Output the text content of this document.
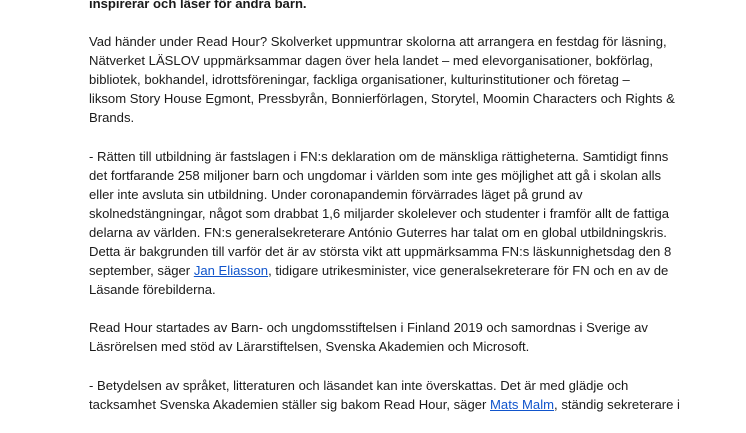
inspirerar och läser för andra barn.

Vad händer under Read Hour? Skolverket uppmuntrar skolorna att arrangera en festdag för läsning,
Nätverket LÄSLOV uppmärksammar dagen över hela landet – med elevorganisationer, bokförlag,
bibliotek, bokhandel, idrottsföreningar, fackliga organisationer, kulturinstitutioner och företag –
liksom Story House Egmont, Pressbyrån, Bonnierförlagen, Storytel, Moomin Characters och Rights &
Brands.

- Rätten till utbildning är fastslagen i FN:s deklaration om de mänskliga rättigheterna. Samtidigt finns
det fortfarande 258 miljoner barn och ungdomar i världen som inte ges möjlighet att gå i skolan alls
eller inte avsluta sin utbildning. Under coronapandemin förvärrades läget på grund av
skolnedstängningar, något som drabbat 1,6 miljarder skolelever och studenter i framför allt de fattiga
delarna av världen. FN:s generalsekreterare António Guterres har talat om en global utbildningskris.
Detta är bakgrunden till varför det är av största vikt att uppmärksamma FN:s läskunnighetsdag den 8
september, säger Jan Eliasson, tidigare utrikesminister, vice generalsekreterare för FN och en av de
Läsande förebilderna.

Read Hour startades av Barn- och ungdomsstiftelsen i Finland 2019 och samordnas i Sverige av
Läsrörelsen med stöd av Lärarstiftelsen, Svenska Akademien och Microsoft.

- Betydelsen av språket, litteraturen och läsandet kan inte överskattas. Det är med glädje och
tacksamhet Svenska Akademien ställer sig bakom Read Hour, säger Mats Malm, ständig sekreterare i
